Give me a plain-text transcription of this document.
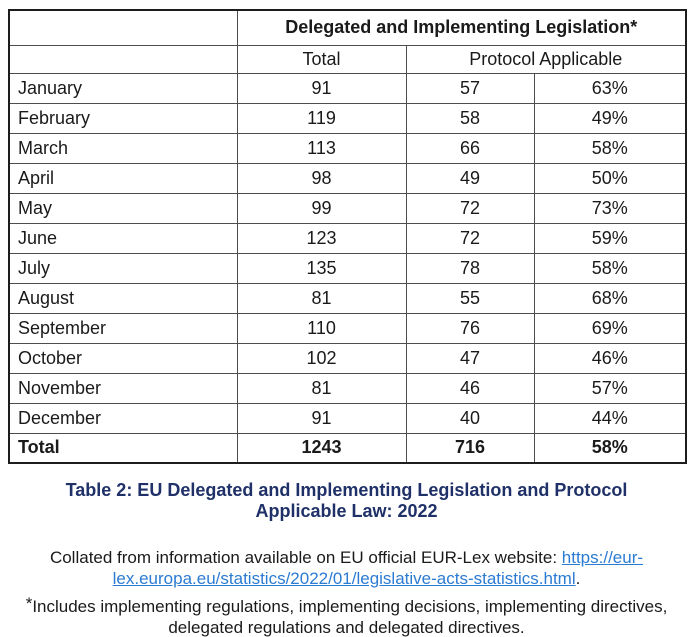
	Delegated and Implementing Legislation*		
	Total	Protocol Applicable	
January	91	57	63%
February	119	58	49%
March	113	66	58%
April	98	49	50%
May	99	72	73%
June	123	72	59%
July	135	78	58%
August	81	55	68%
September	110	76	69%
October	102	47	46%
November	81	46	57%
December	91	40	44%
Total	1243	716	58%
Table 2: EU Delegated and Implementing Legislation and Protocol Applicable Law: 2022

Collated from information available on EU official EUR-Lex website: https://eur-lex.europa.eu/statistics/2022/01/legislative-acts-statistics.html.

*Includes implementing regulations, implementing decisions, implementing directives, delegated regulations and delegated directives.
